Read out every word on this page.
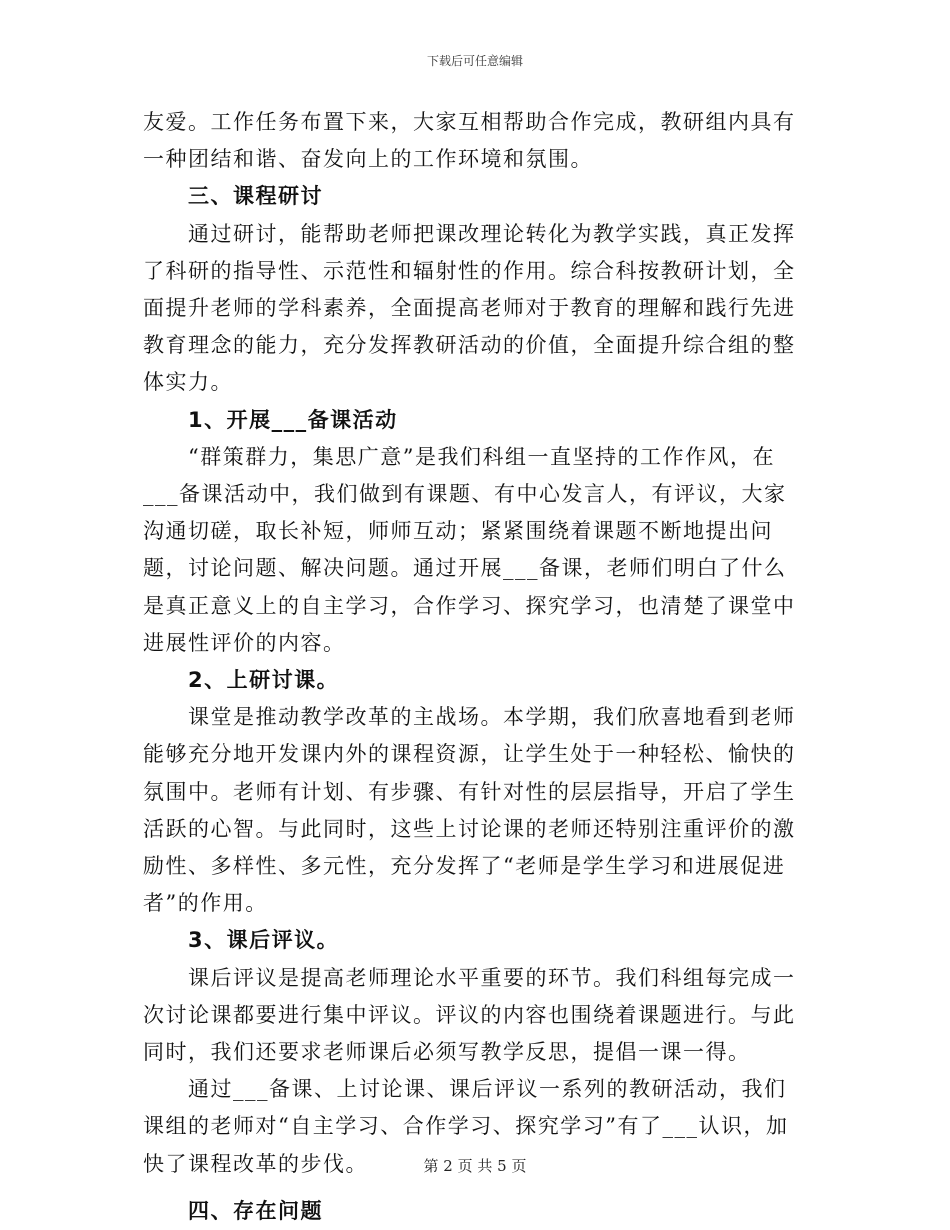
下载后可任意编辑

友爱。工作任务布置下来，大家互相帮助合作完成，教研组内具有一种团结和谐、奋发向上的工作环境和氛围。

三、课程研讨

通过研讨，能帮助老师把课改理论转化为教学实践，真正发挥了科研的指导性、示范性和辐射性的作用。综合科按教研计划，全面提升老师的学科素养，全面提高老师对于教育的理解和践行先进教育理念的能力，充分发挥教研活动的价值，全面提升综合组的整体实力。

1、开展___备课活动

“群策群力，集思广意”是我们科组一直坚持的工作作风，在___备课活动中，我们做到有课题、有中心发言人，有评议，大家沟通切磋，取长补短，师师互动；紧紧围绕着课题不断地提出问题，讨论问题、解决问题。通过开展___备课，老师们明白了什么是真正意义上的自主学习，合作学习、探究学习，也清楚了课堂中进展性评价的内容。

2、上研讨课。

课堂是推动教学改革的主战场。本学期，我们欣喜地看到老师能够充分地开发课内外的课程资源，让学生处于一种轻松、愉快的氛围中。老师有计划、有步骤、有针对性的层层指导，开启了学生活跃的心智。与此同时，这些上讨论课的老师还特别注重评价的激励性、多样性、多元性，充分发挥了“老师是学生学习和进展促进者”的作用。

3、课后评议。

课后评议是提高老师理论水平重要的环节。我们科组每完成一次讨论课都要进行集中评议。评议的内容也围绕着课题进行。与此同时，我们还要求老师课后必须写教学反思，提倡一课一得。

通过___备课、上讨论课、课后评议一系列的教研活动，我们课组的老师对“自主学习、合作学习、探究学习”有了___认识，加快了课程改革的步伐。

四、存在问题

第 2 页 共 5 页
